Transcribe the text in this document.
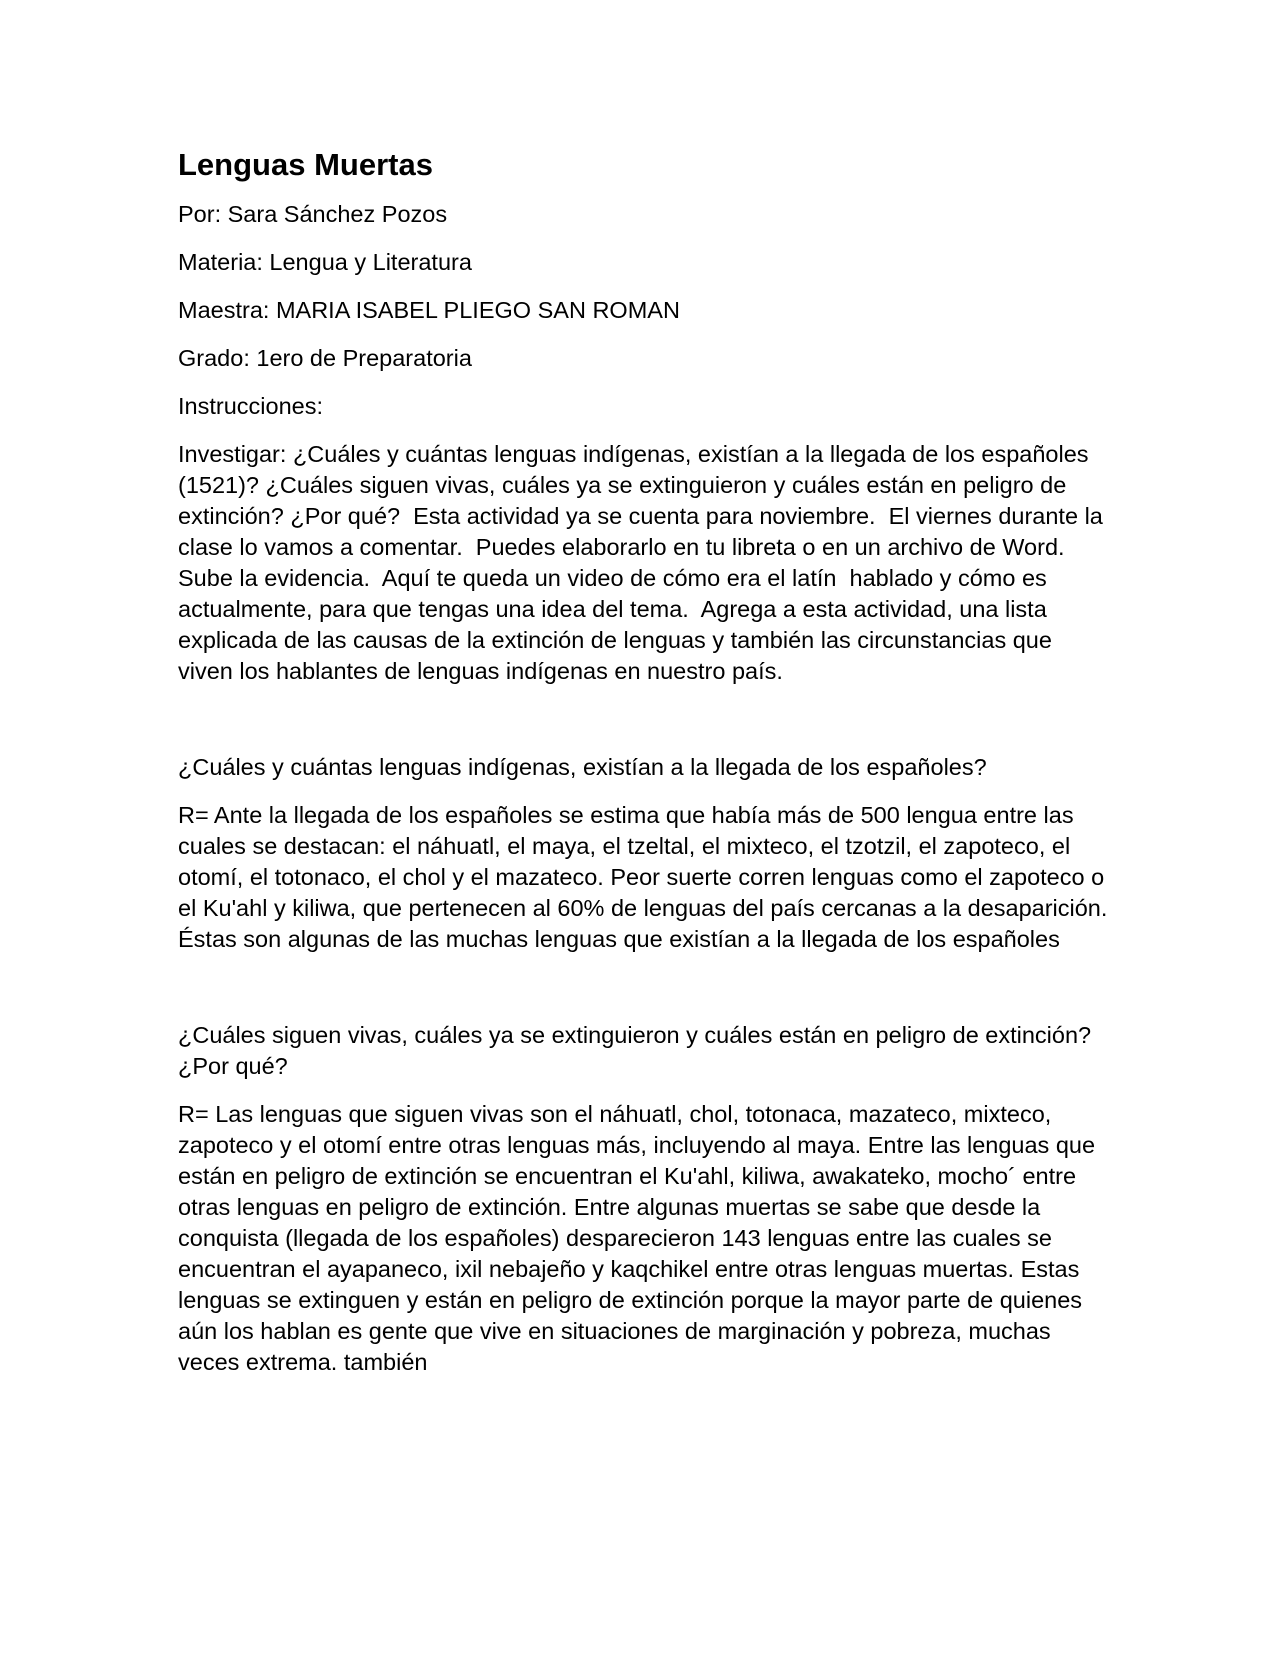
Lenguas Muertas

Por: Sara Sánchez Pozos

Materia: Lengua y Literatura

Maestra: MARIA ISABEL PLIEGO SAN ROMAN

Grado: 1ero de Preparatoria

Instrucciones:

Investigar: ¿Cuáles y cuántas lenguas indígenas, existían a la llegada de los españoles (1521)? ¿Cuáles siguen vivas, cuáles ya se extinguieron y cuáles están en peligro de extinción? ¿Por qué?  Esta actividad ya se cuenta para noviembre.  El viernes durante la clase lo vamos a comentar.  Puedes elaborarlo en tu libreta o en un archivo de Word.  Sube la evidencia.  Aquí te queda un video de cómo era el latín  hablado y cómo es actualmente, para que tengas una idea del tema.  Agrega a esta actividad, una lista explicada de las causas de la extinción de lenguas y también las circunstancias que viven los hablantes de lenguas indígenas en nuestro país.

¿Cuáles y cuántas lenguas indígenas, existían a la llegada de los españoles?

R= Ante la llegada de los españoles se estima que había más de 500 lengua entre las cuales se destacan: el náhuatl, el maya, el tzeltal, el mixteco, el tzotzil, el zapoteco, el otomí, el totonaco, el chol y el mazateco. Peor suerte corren lenguas como el zapoteco o el Ku'ahl y kiliwa, que pertenecen al 60% de lenguas del país cercanas a la desaparición. Éstas son algunas de las muchas lenguas que existían a la llegada de los españoles

¿Cuáles siguen vivas, cuáles ya se extinguieron y cuáles están en peligro de extinción? ¿Por qué?

R= Las lenguas que siguen vivas son el náhuatl, chol, totonaca, mazateco, mixteco, zapoteco y el otomí entre otras lenguas más, incluyendo al maya. Entre las lenguas que están en peligro de extinción se encuentran el Ku'ahl, kiliwa, awakateko, mocho´ entre otras lenguas en peligro de extinción. Entre algunas muertas se sabe que desde la conquista (llegada de los españoles) desparecieron 143 lenguas entre las cuales se encuentran el ayapaneco, ixil nebajeño y kaqchikel entre otras lenguas muertas. Estas lenguas se extinguen y están en peligro de extinción porque la mayor parte de quienes aún los hablan es gente que vive en situaciones de marginación y pobreza, muchas veces extrema. también
